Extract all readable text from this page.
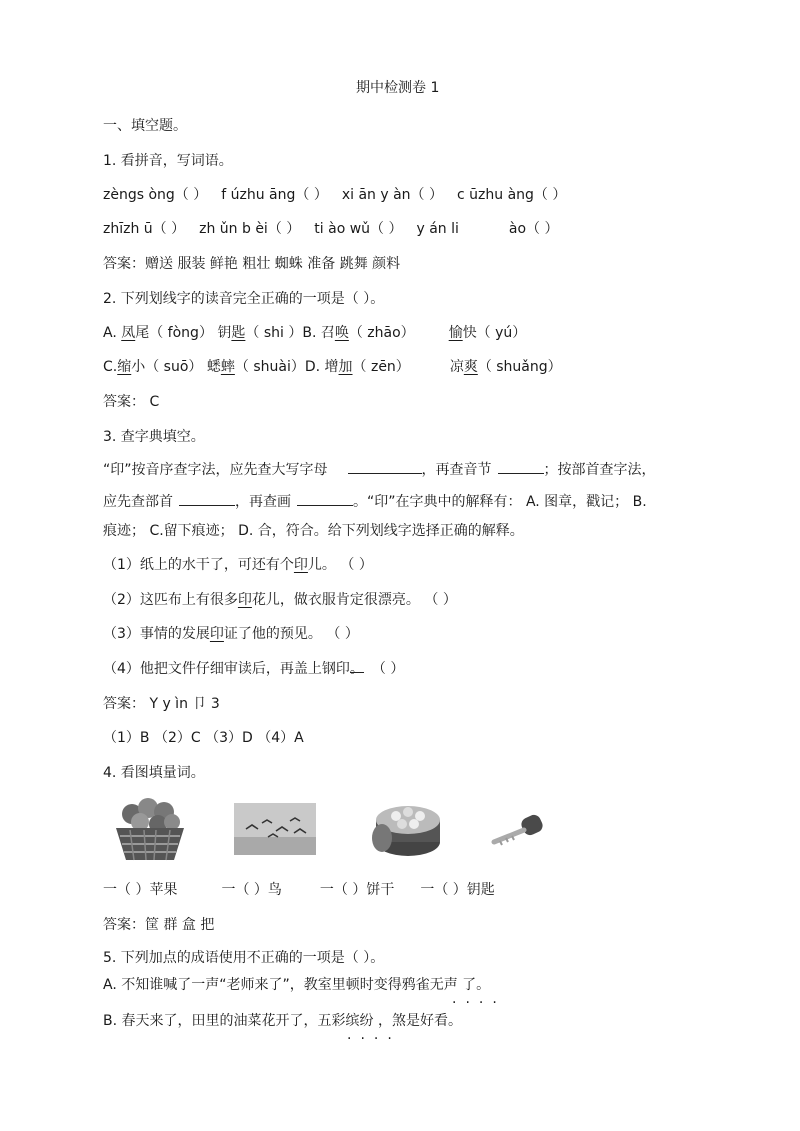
期中检测卷 1
一、填空题。
1. 看拼音，写词语。
zèngs òng（ ） f úzhu āng（ ） xi ān y àn（ ） c ūzhu àng（ ）
zhīzh ū（ ） zh ǔn b èi（ ） ti ào wǔ（ ） y án li	ào（ ）
答案：赠送 服装 鲜艳 粗壮 蜘蛛 准备 跳舞 颜料
2. 下列划线字的读音完全正确的一项是（ ）。
A. 凤尾（ fòng） 钥匙（ shi ）B. 召唤（ zhāo） 愉快（ yú）
C.缩小（ suō） 蟋蟀（ shuài）D. 增加（ zēn）	凉爽（ shuǎng）
答案： C
3. 查字典填空。
“印”按音序查字法，应先查大写字母	，再查音节	；按部首查字法，
应先查部首	，再查画	。“印”在字典中的解释有： A. 图章，戳记； B.
痕迹； C.留下痕迹； D. 合，符合。给下列划线字选择正确的解释。
（1）纸上的水干了，可还有个印儿。 （ ）
（2）这匹布上有很多印花儿，做衣服肯定很漂亮。 （ ）
（3）事情的发展印证了他的预见。 （ ）
（4）他把文件仔细审读后，再盖上钢印。 （ ）
答案： Y y ìn 卩 3
（1）B （2）C （3）D （4）A
4. 看图填量词。
一（ ）苹果	一（ ）鸟	一（ ）饼干 一（ ）钥匙
答案：筐 群 盒 把
5. 下列加点的成语使用不正确的一项是（ ）。
A. 不知谁喊了一声“老师来了”，教室里顿时变得鸦雀无声 了。
····
B. 春天来了，田里的油菜花开了，五彩缤纷 ，煞是好看。
····
